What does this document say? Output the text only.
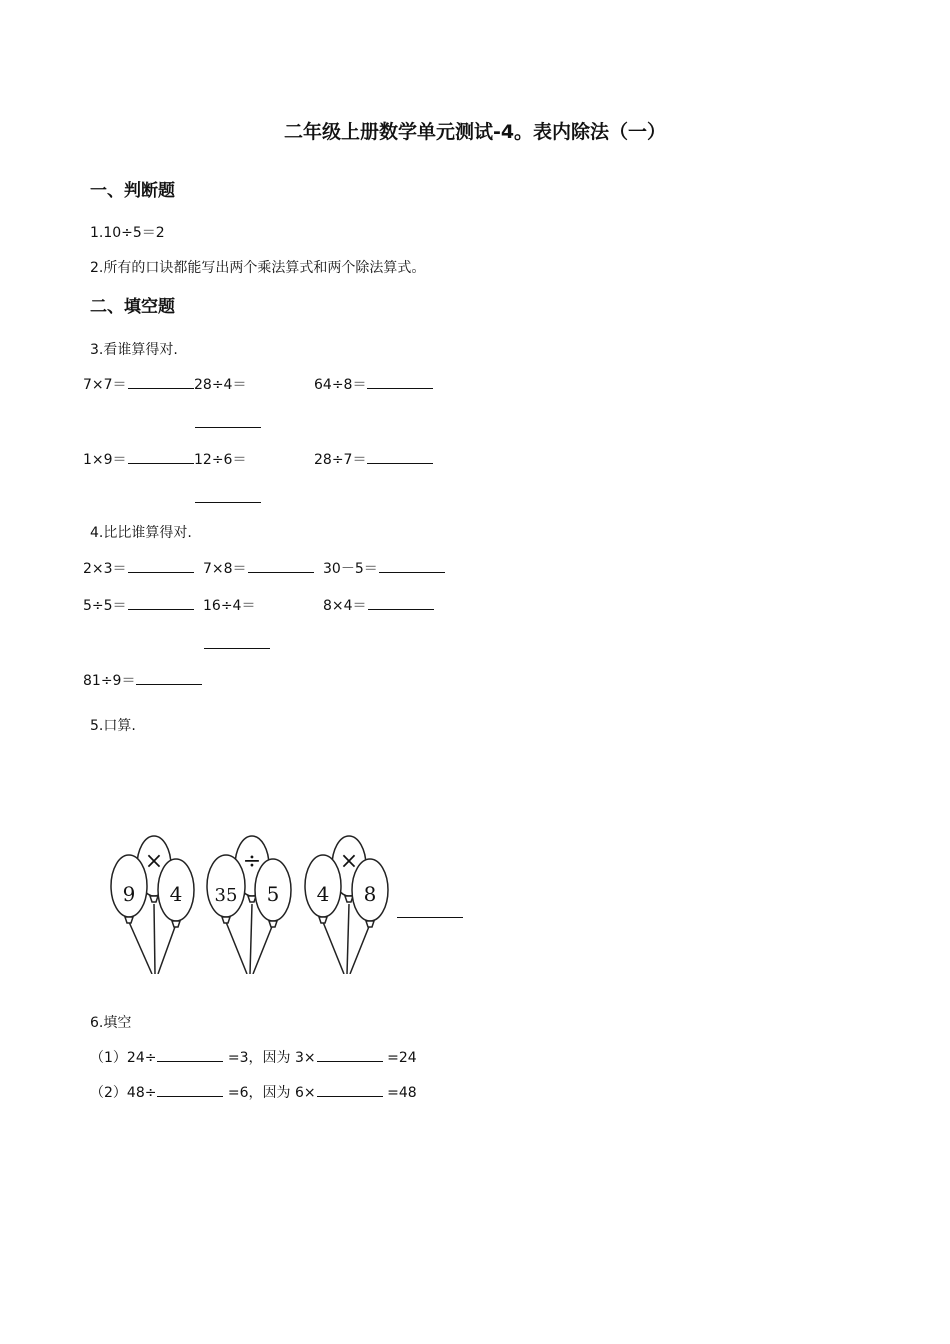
二年级上册数学单元测试-4。表内除法（一）
一、判断题
1.10÷5＝2
2.所有的口诀都能写出两个乘法算式和两个除法算式。
二、填空题
3.看谁算得对.
7×7＝	28÷4＝	64÷8＝
1×9＝	12÷6＝	28÷7＝
4.比比谁算得对.
2×3＝	7×8＝	30－5＝
5÷5＝	16÷4＝	8×4＝
81÷9＝
5.口算.
×
9 4
÷
35 5
×
4 8
6.填空
（1）24÷	=3，因为 3×	=24
（2）48÷	=6，因为 6×	=48
